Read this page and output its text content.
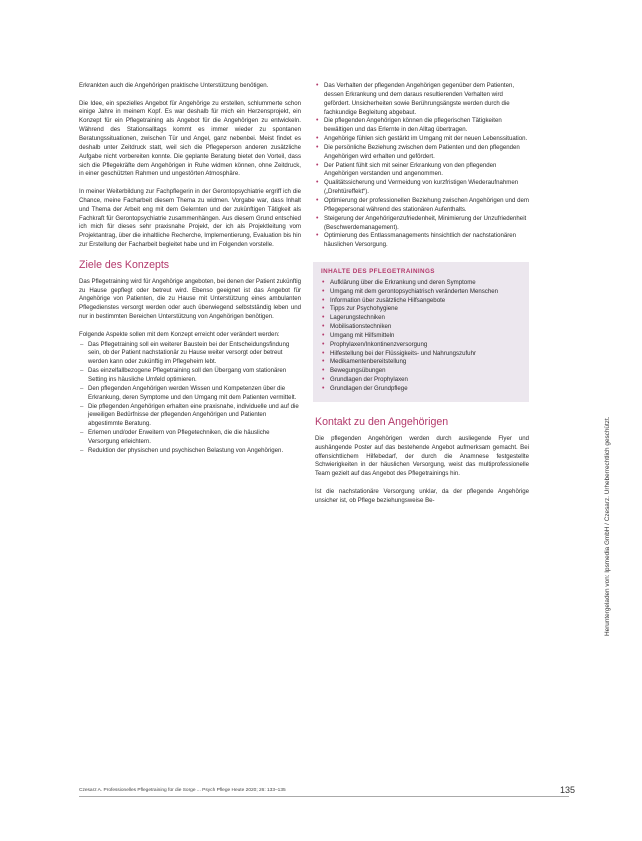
Erkrankten auch die Angehörigen praktische Unterstützung benötigen.

Die Idee, ein spezielles Angebot für Angehörige zu erstellen, schlummerte schon einige Jahre in meinem Kopf. Es war deshalb für mich ein Herzensprojekt, ein Konzept für ein Pflegetraining als Angebot für die Angehörigen zu entwickeln. Während des Stationsalltags kommt es immer wieder zu spontanen Beratungssituationen, zwischen Tür und Angel, ganz nebenbei. Meist findet es deshalb unter Zeitdruck statt, weil sich die Pflegeperson anderen zusätzliche Aufgabe nicht vorbereiten konnte. Die geplante Beratung bietet den Vorteil, dass sich die Pflegekräfte dem Angehörigen in Ruhe widmen können, ohne Zeitdruck, in einer geschützten Rahmen und ungestörten Atmosphäre.

In meiner Weiterbildung zur Fachpflegerin in der Gerontopsychiatrie ergriff ich die Chance, meine Facharbeit diesem Thema zu widmen. Vorgabe war, dass Inhalt und Thema der Arbeit eng mit dem Gelernten und der zukünftigen Tätigkeit als Fachkraft für Gerontopsychiatrie zusammenhängen. Aus diesem Grund entschied ich mich für dieses sehr praxisnahe Projekt, der ich als Projektleitung vom Projektantrag, über die inhaltliche Recherche, Implementierung, Evaluation bis hin zur Erstellung der Facharbeit begleitet habe und im Folgenden vorstelle.

Ziele des Konzepts

Das Pflegetraining wird für Angehörige angeboten, bei denen der Patient zukünftig zu Hause gepflegt oder betreut wird. Ebenso geeignet ist das Angebot für Angehörige von Patienten, die zu Hause mit Unterstützung eines ambulanten Pflegedienstes versorgt werden oder auch überwiegend selbstständig leben und nur in bestimmten Bereichen Unterstützung von Angehörigen benötigen.

Folgende Aspekte sollen mit dem Konzept erreicht oder verändert werden:

– Das Pflegetraining soll ein weiterer Baustein bei der Entscheidungsfindung sein, ob der Patient nachstationär zu Hause weiter versorgt oder betreut werden kann oder zukünftig im Pflegeheim lebt.
– Das einzelfallbezogene Pflegetraining soll den Übergang vom stationären Setting ins häusliche Umfeld optimieren.
– Den pflegenden Angehörigen werden Wissen und Kompetenzen über die Erkrankung, deren Symptome und den Umgang mit dem Patienten vermittelt.
– Die pflegenden Angehörigen erhalten eine praxisnahe, individuelle und auf die jeweiligen Bedürfnisse der pflegenden Angehörigen und Patienten abgestimmte Beratung.
– Erlernen und/oder Erweitern von Pflegetechniken, die die häusliche Versorgung erleichtern.
– Reduktion der physischen und psychischen Belastung von Angehörigen.
• Das Verhalten der pflegenden Angehörigen gegenüber dem Patienten, dessen Erkrankung und dem daraus resultierenden Verhalten wird gefördert. Unsicherheiten sowie Berührungsängste werden durch die fachkundige Begleitung abgebaut.
• Die pflegenden Angehörigen können die pflegerischen Tätigkeiten bewältigen und das Erlernte in den Alltag übertragen.
• Angehörige fühlen sich gestärkt im Umgang mit der neuen Lebenssituation.
• Die persönliche Beziehung zwischen dem Patienten und den pflegenden Angehörigen wird erhalten und gefördert.
• Der Patient fühlt sich mit seiner Erkrankung von den pflegenden Angehörigen verstanden und angenommen.
• Qualitätssicherung und Vermeidung von kurzfristigen Wiederaufnahmen („Drehtüreffekt“).
• Optimierung der professionellen Beziehung zwischen Angehörigen und dem Pflegepersonal während des stationären Aufenthalts.
• Steigerung der Angehörigenzufriedenheit, Minimierung der Unzufriedenheit (Beschwerdemanagement).
• Optimierung des Entlassmanagements hinsichtlich der nachstationären häuslichen Versorgung.
INHALTE DES PFLEGETRAININGS
• Aufklärung über die Erkrankung und deren Symptome
• Umgang mit dem gerontopsychiatrisch veränderten Menschen
• Information über zusätzliche Hilfsangebote
• Tipps zur Psychohygiene
• Lagerungstechniken
• Mobilisationstechniken
• Umgang mit Hilfsmitteln
• Prophylaxen/Inkontinenzversorgung
• Hilfestellung bei der Flüssigkeits- und Nahrungszufuhr
• Medikamentenbereitstellung
• Bewegungsübungen
• Grundlagen der Prophylaxen
• Grundlagen der Grundpflege
Kontakt zu den Angehörigen

Die pflegenden Angehörigen werden durch ausliegende Flyer und aushängende Poster auf das bestehende Angebot aufmerksam gemacht. Bei offensichtlichem Hilfebedarf, der durch die Anamnese festgestellte Schwierigkeiten in der häuslichen Versorgung, weist das multiprofessionelle Team gezielt auf das Angebot des Pflegetrainings hin.

Ist die nachstationäre Versorgung unklar, da der pflegende Angehörige unsicher ist, ob Pflege beziehungsweise Be-	Heruntergeladen von: Ipsmedia GmbH / Czesarz. Urheberrechtlich geschützt.
Czesarz A. Professionelles Pflegetraining für die Sorge ... Psych Pflege Heute 2020; 26: 133–135	135
